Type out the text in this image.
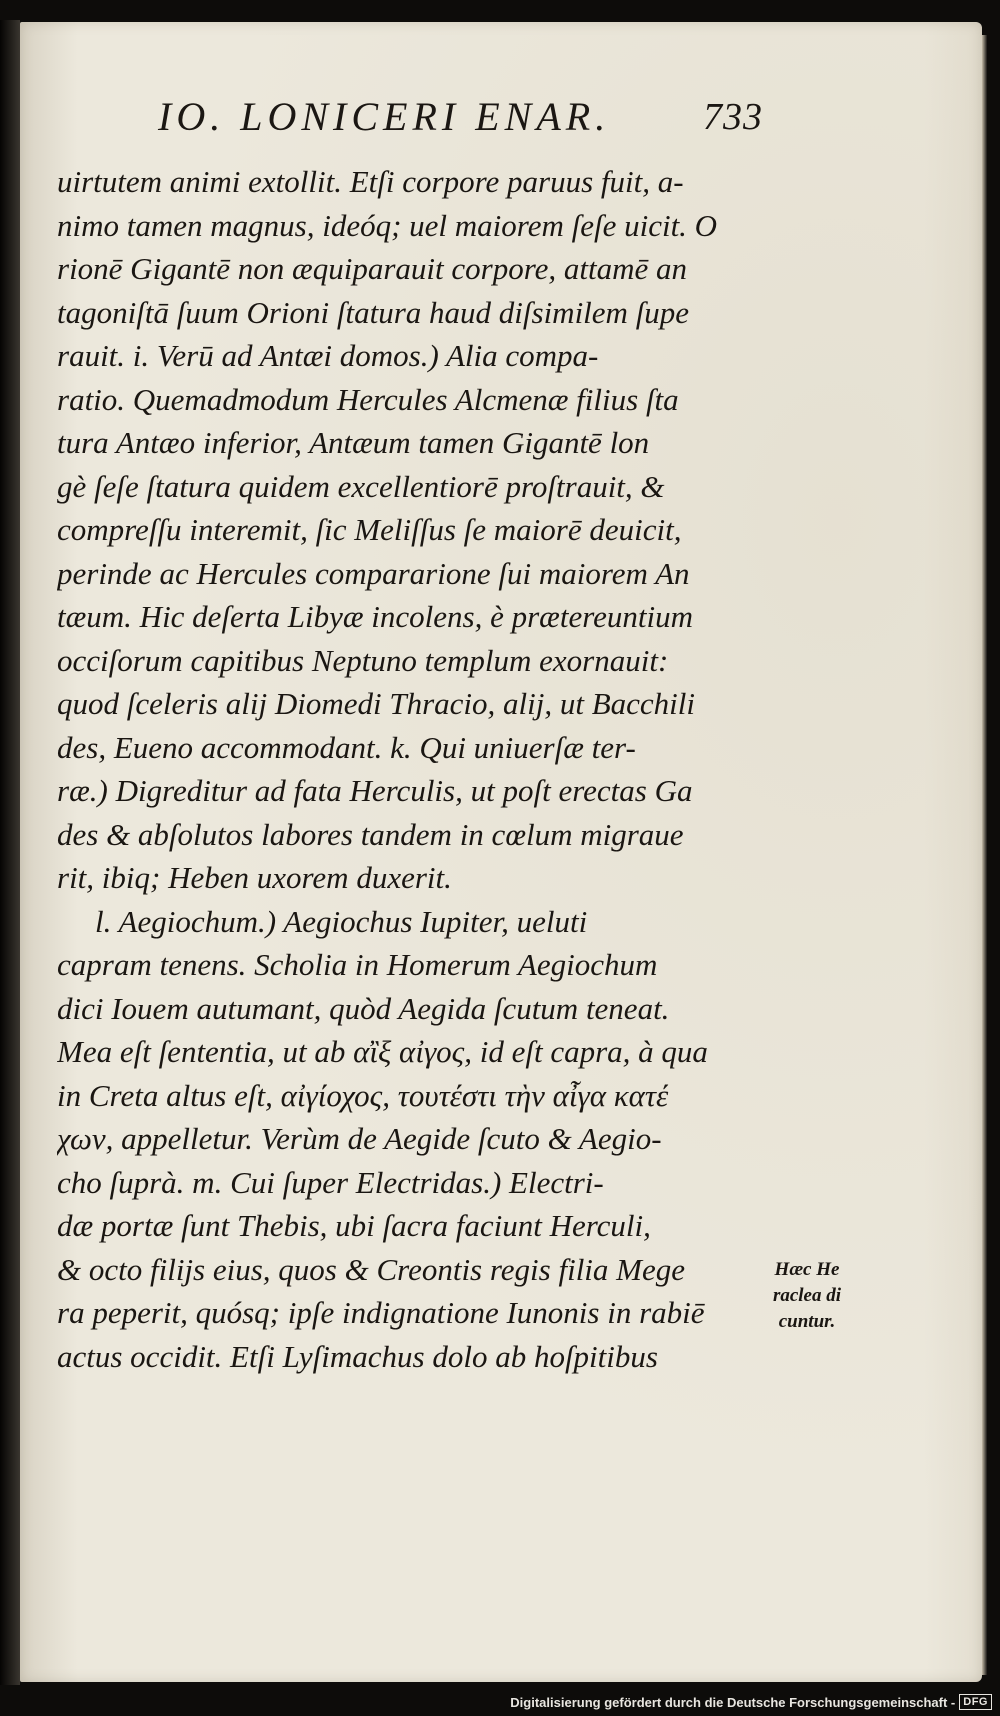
IO. LONICERI ENAR. 733
uirtutem animi extollit. Etſi corpore paruus fuit, a-
nimo tamen magnus, ideóq; uel maiorem ſeſe uicit. O
rionē Gigantē non æquiparauit corpore, attamē an
tagoniſtā ſuum Orioni ſtatura haud diſsimilem ſupe
rauit. i. Verū ad Antæi domos.) Alia compa-
ratio. Quemadmodum Hercules Alcmenæ filius ſta
tura Antæo inferior, Antæum tamen Gigantē lon
gè ſeſe ſtatura quidem excellentiorē proſtrauit, &
compreſſu interemit, ſic Meliſſus ſe maiorē deuicit,
perinde ac Hercules compararione ſui maiorem An
tæum. Hic deſerta Libyæ incolens, è prætereuntium
occiſorum capitibus Neptuno templum exornauit:
quod ſceleris alij Diomedi Thracio, alij, ut Bacchili
des, Eueno accommodant. k. Qui uniuerſæ ter-
ræ.) Digreditur ad fata Herculis, ut poſt erectas Ga
des & abſolutos labores tandem in cœlum migraue
rit, ibiq; Heben uxorem duxerit.
l. Aegiochum.) Aegiochus Iupiter, ueluti
capram tenens. Scholia in Homerum Aegiochum
dici Iouem autumant, quòd Aegida ſcutum teneat.
Mea eſt ſententia, ut ab αἲξ αἰγος, id eſt capra, à qua
in Creta altus eſt, αἰγίοχος, τουτέστι τὴν αἶγα κατέ
χων, appelletur. Verùm de Aegide ſcuto & Aegio-
cho ſuprà. m. Cui ſuper Electridas.) Electri-
dæ portæ ſunt Thebis, ubi ſacra faciunt Herculi,
& octo filijs eius, quos & Creontis regis filia Mege
ra peperit, quósq; ipſe indignatione Iunonis in rabiē
actus occidit. Etſi Lyſimachus dolo ab hoſpitibus
Hæc He
raclea di
cuntur.
Digitalisierung gefördert durch die Deutsche Forschungsgemeinschaft - DFG
